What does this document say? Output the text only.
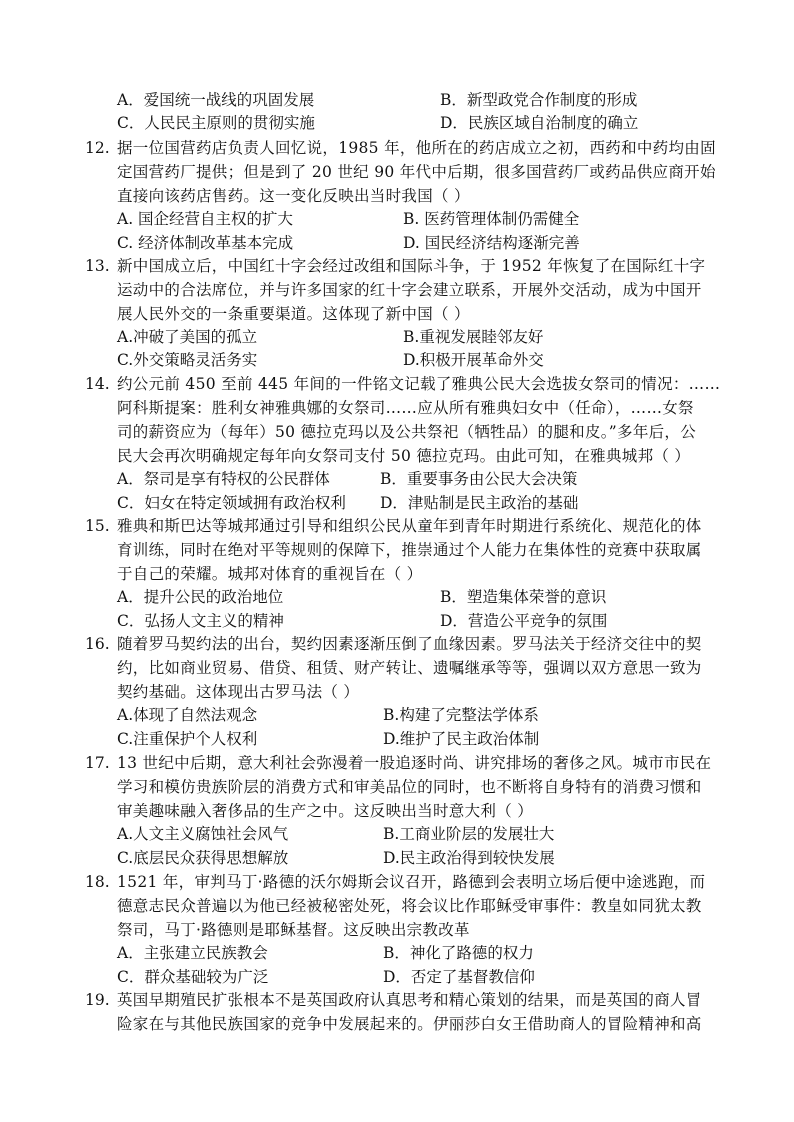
A．爱国统一战线的巩固发展	B．新型政党合作制度的形成
C．人民民主原则的贯彻实施	D．民族区域自治制度的确立
12. 据一位国营药店负责人回忆说，1985 年，他所在的药店成立之初，西药和中药均由固
定国营药厂提供；但是到了 20 世纪 90 年代中后期，很多国营药厂或药品供应商开始
直接向该药店售药。这一变化反映出当时我国（ ）
A. 国企经营自主权的扩大	B. 医药管理体制仍需健全
C. 经济体制改革基本完成	D. 国民经济结构逐渐完善
13. 新中国成立后，中国红十字会经过改组和国际斗争，于 1952 年恢复了在国际红十字
运动中的合法席位，并与许多国家的红十字会建立联系，开展外交活动，成为中国开
展人民外交的一条重要渠道。这体现了新中国（ ）
A.冲破了美国的孤立	B.重视发展睦邻友好
C.外交策略灵活务实	D.积极开展革命外交
14. 约公元前 450 至前 445 年间的一件铭文记载了雅典公民大会选拔女祭司的情况：……
阿科斯提案：胜利女神雅典娜的女祭司……应从所有雅典妇女中（任命），……女祭
司的薪资应为（每年）50 德拉克玛以及公共祭祀（牺牲品）的腿和皮。”多年后，公
民大会再次明确规定每年向女祭司支付 50 德拉克玛。由此可知，在雅典城邦（ ）
A．祭司是享有特权的公民群体	B．重要事务由公民大会决策
C．妇女在特定领域拥有政治权利 D．津贴制是民主政治的基础
15. 雅典和斯巴达等城邦通过引导和组织公民从童年到青年时期进行系统化、规范化的体
育训练，同时在绝对平等规则的保障下，推崇通过个人能力在集体性的竞赛中获取属
于自己的荣耀。城邦对体育的重视旨在（ ）
A．提升公民的政治地位	B．塑造集体荣誉的意识
C．弘扬人文主义的精神	D．营造公平竞争的氛围
16. 随着罗马契约法的出台，契约因素逐渐压倒了血缘因素。罗马法关于经济交往中的契
约，比如商业贸易、借贷、租赁、财产转让、遗嘱继承等等，强调以双方意思一致为
契约基础。这体现出古罗马法（ ）
A.体现了自然法观念	B.构建了完整法学体系
C.注重保护个人权利	D.维护了民主政治体制
17. 13 世纪中后期，意大利社会弥漫着一股追逐时尚、讲究排场的奢侈之风。城市市民在
学习和模仿贵族阶层的消费方式和审美品位的同时，也不断将自身特有的消费习惯和
审美趣味融入奢侈品的生产之中。这反映出当时意大利（ ）
A.人文主义腐蚀社会风气	B.工商业阶层的发展壮大
C.底层民众获得思想解放	D.民主政治得到较快发展
18. 1521 年，审判马丁·路德的沃尔姆斯会议召开，路德到会表明立场后便中途逃跑，而
德意志民众普遍以为他已经被秘密处死，将会议比作耶稣受审事件：教皇如同犹太教
祭司，马丁·路德则是耶稣基督。这反映出宗教改革
A．主张建立民族教会	B．神化了路德的权力
C．群众基础较为广泛	D．否定了基督教信仰
19. 英国早期殖民扩张根本不是英国政府认真思考和精心策划的结果，而是英国的商人冒
险家在与其他民族国家的竞争中发展起来的。伊丽莎白女王借助商人的冒险精神和高
